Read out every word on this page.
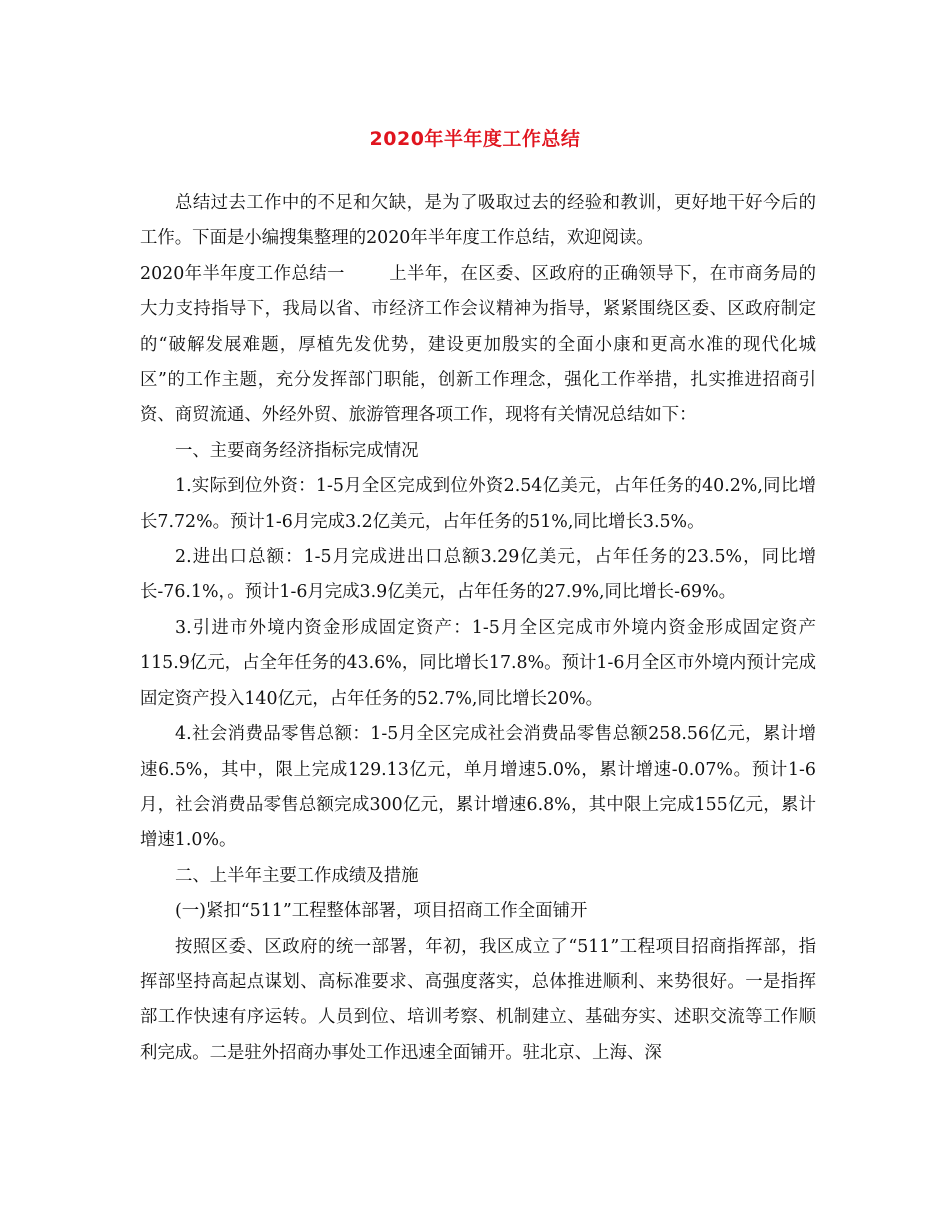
2020年半年度工作总结

总结过去工作中的不足和欠缺，是为了吸取过去的经验和教训，更好地干好今后的工作。下面是小编搜集整理的2020年半年度工作总结，欢迎阅读。

2020年半年度工作总结一	上半年，在区委、区政府的正确领导下，在市商务局的大力支持指导下，我局以省、市经济工作会议精神为指导，紧紧围绕区委、区政府制定的“破解发展难题，厚植先发优势，建设更加殷实的全面小康和更高水准的现代化城区”的工作主题，充分发挥部门职能，创新工作理念，强化工作举措，扎实推进招商引资、商贸流通、外经外贸、旅游管理各项工作，现将有关情况总结如下：

一、主要商务经济指标完成情况

1.实际到位外资：1-5月全区完成到位外资2.54亿美元，占年任务的40.2%,同比增长7.72%。预计1-6月完成3.2亿美元，占年任务的51%,同比增长3.5%。

2.进出口总额：1-5月完成进出口总额3.29亿美元，占年任务的23.5%，同比增长-76.1%，。预计1-6月完成3.9亿美元，占年任务的27.9%,同比增长-69%。

3.引进市外境内资金形成固定资产：1-5月全区完成市外境内资金形成固定资产115.9亿元，占全年任务的43.6%，同比增长17.8%。预计1-6月全区市外境内预计完成固定资产投入140亿元，占年任务的52.7%,同比增长20%。

4.社会消费品零售总额：1-5月全区完成社会消费品零售总额258.56亿元，累计增速6.5%，其中，限上完成129.13亿元，单月增速5.0%，累计增速-0.07%。预计1-6月，社会消费品零售总额完成300亿元，累计增速6.8%，其中限上完成155亿元，累计增速1.0%。

二、上半年主要工作成绩及措施

(一)紧扣“511”工程整体部署，项目招商工作全面铺开

按照区委、区政府的统一部署，年初，我区成立了“511”工程项目招商指挥部，指挥部坚持高起点谋划、高标准要求、高强度落实，总体推进顺利、来势很好。一是指挥部工作快速有序运转。人员到位、培训考察、机制建立、基础夯实、述职交流等工作顺利完成。二是驻外招商办事处工作迅速全面铺开。驻北京、上海、深
